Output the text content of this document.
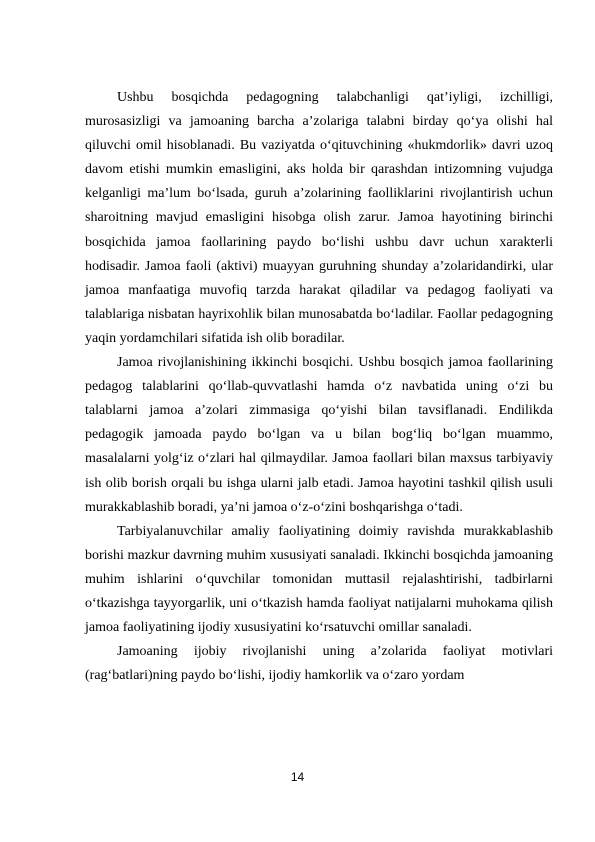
Ushbu bosqichda pedagogning talabchanligi qat’iyligi, izchilligi, murosasizligi va jamoaning barcha a’zolariga talabni birday qo‘ya olishi hal qiluvchi omil hisoblanadi. Bu vaziyatda o‘qituvchining «hukmdorlik» davri uzoq davom etishi mumkin emasligini, aks holda bir qarashdan intizomning vujudga kelganligi ma’lum bo‘lsada, guruh a’zolarining faolliklarini rivojlantirish uchun sharoitning mavjud emasligini hisobga olish zarur. Jamoa hayotining birinchi bosqichida jamoa faollarining paydo bo‘lishi ushbu davr uchun xarakterli hodisadir. Jamoa faoli (aktivi) muayyan guruhning shunday a’zolaridandirki, ular jamoa manfaatiga muvofiq tarzda harakat qiladilar va pedagog faoliyati va talablariga nisbatan hayrixohlik bilan munosabatda bo‘ladilar. Faollar pedagogning yaqin yordamchilari sifatida ish olib boradilar.

Jamoa rivojlanishining ikkinchi bosqichi. Ushbu bosqich jamoa faollarining pedagog talablarini qo‘llab-quvvatlashi hamda o‘z navbatida uning o‘zi bu talablarni jamoa a’zolari zimmasiga qo‘yishi bilan tavsiflanadi. Endilikda pedagogik jamoada paydo bo‘lgan va u bilan bog‘liq bo‘lgan muammo, masalalarni yolg‘iz o‘zlari hal qilmaydilar. Jamoa faollari bilan maxsus tarbiyaviy ish olib borish orqali bu ishga ularni jalb etadi. Jamoa hayotini tashkil qilish usuli murakkablashib boradi, ya’ni jamoa o‘z-o‘zini boshqarishga o‘tadi.

Tarbiyalanuvchilar amaliy faoliyatining doimiy ravishda murakkablashib borishi mazkur davrning muhim xususiyati sanaladi. Ikkinchi bosqichda jamoaning muhim ishlarini o‘quvchilar tomonidan muttasil rejalashtirishi, tadbirlarni o‘tkazishga tayyorgarlik, uni o‘tkazish hamda faoliyat natijalarni muhokama qilish jamoa faoliyatining ijodiy xususiyatini ko‘rsatuvchi omillar sanaladi.

Jamoaning ijobiy rivojlanishi uning a’zolarida faoliyat motivlari (rag‘batlari)ning paydo bo‘lishi, ijodiy hamkorlik va o‘zaro yordam

14
